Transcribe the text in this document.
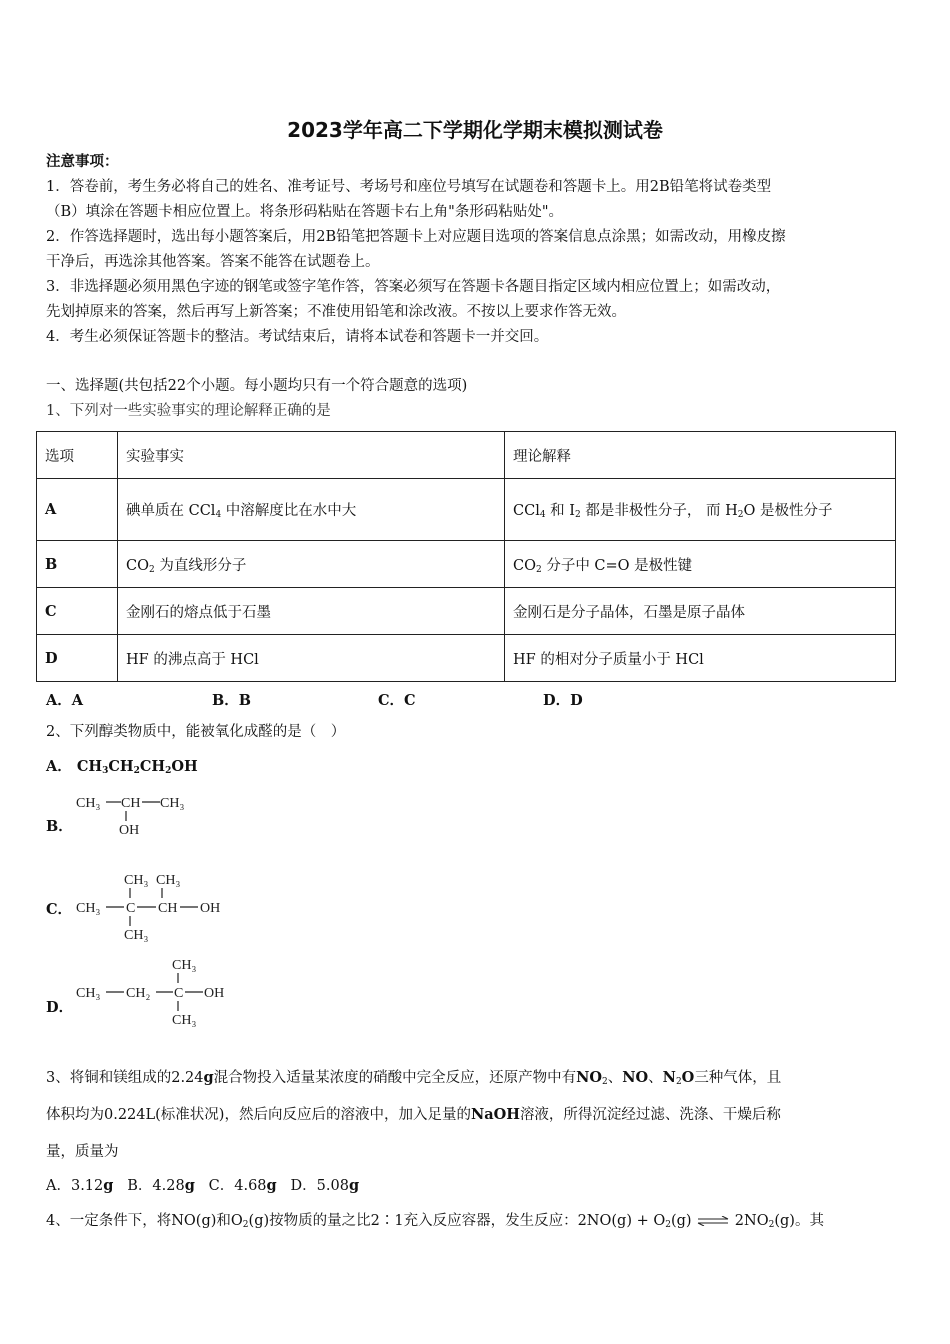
2023学年高二下学期化学期末模拟测试卷
注意事项：
1．答卷前，考生务必将自己的姓名、准考证号、考场号和座位号填写在试题卷和答题卡上。用2B铅笔将试卷类型
（B）填涂在答题卡相应位置上。将条形码粘贴在答题卡右上角"条形码粘贴处"。
2．作答选择题时，选出每小题答案后，用2B铅笔把答题卡上对应题目选项的答案信息点涂黑；如需改动，用橡皮擦
干净后，再选涂其他答案。答案不能答在试题卷上。
3．非选择题必须用黑色字迹的钢笔或签字笔作答，答案必须写在答题卡各题目指定区域内相应位置上；如需改动，
先划掉原来的答案，然后再写上新答案；不准使用铅笔和涂改液。不按以上要求作答无效。
4．考生必须保证答题卡的整洁。考试结束后，请将本试卷和答题卡一并交回。
一、选择题(共包括22个小题。每小题均只有一个符合题意的选项)
1、下列对一些实验事实的理论解释正确的是
选项	实验事实	理论解释
A	碘单质在 CCl$_4$ 中溶解度比在水中大	CCl$_4$ 和 $I_2$ 都是非极性分子， 而 $H_2O$ 是极性分子
B	$CO_2$ 为直线形分子	$CO_2$ 分子中 C=O 是极性键
C	金刚石的熔点低于石墨	金刚石是分子晶体，石墨是原子晶体
D	HF 的沸点高于 HCl	HF 的相对分子质量小于 HCl
A．A	B．B	C．C	D．D
2、下列醇类物质中，能被氧化成醛的是（　）
A． $CH_3CH_2CH_2OH$
B．
CH₃ CH CH₃
OH
C．
CH₃ CH₃
CH₃ C CH OH
CH₃
D．
CH₃
CH₃ CH₂ C OH
CH₃
3、将铜和镁组成的2.24g混合物投入适量某浓度的硝酸中完全反应，还原产物中有$NO_2$、NO、$N_2O$三种气体，且
体积均为0.224L(标准状况)，然后向反应后的溶液中，加入足量的NaOH溶液，所得沉淀经过滤、洗涤、干燥后称
量，质量为
A．3.12g B．4.28g C．4.68g D．5.08g
4、一定条件下，将NO(g)和$O_2(g)$按物质的量之比2∶1充入反应容器，发生反应：$2NO(g) + O_2(g)$ ⇌ $2NO_2(g)$。其
